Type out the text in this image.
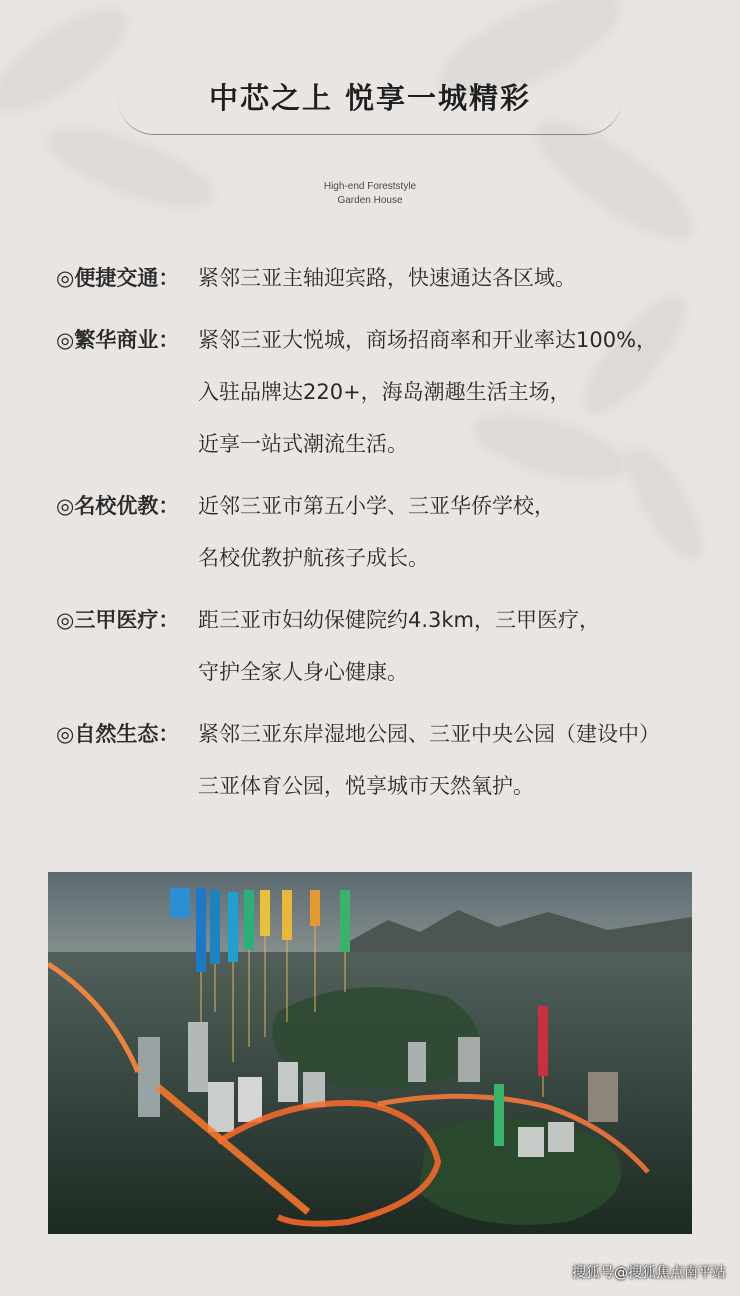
中芯之上 悦享一城精彩
High-end Foreststyle
Garden House
◎便捷交通： 紧邻三亚主轴迎宾路，快速通达各区域。
◎繁华商业： 紧邻三亚大悦城，商场招商率和开业率达100%，
入驻品牌达220+，海岛潮趣生活主场，
近享一站式潮流生活。
◎名校优教： 近邻三亚市第五小学、三亚华侨学校，
名校优教护航孩子成长。
◎三甲医疗： 距三亚市妇幼保健院约4.3km，三甲医疗，
守护全家人身心健康。
◎自然生态： 紧邻三亚东岸湿地公园、三亚中央公园（建设中）
三亚体育公园，悦享城市天然氧护。
搜狐号@搜狐焦点南平站
